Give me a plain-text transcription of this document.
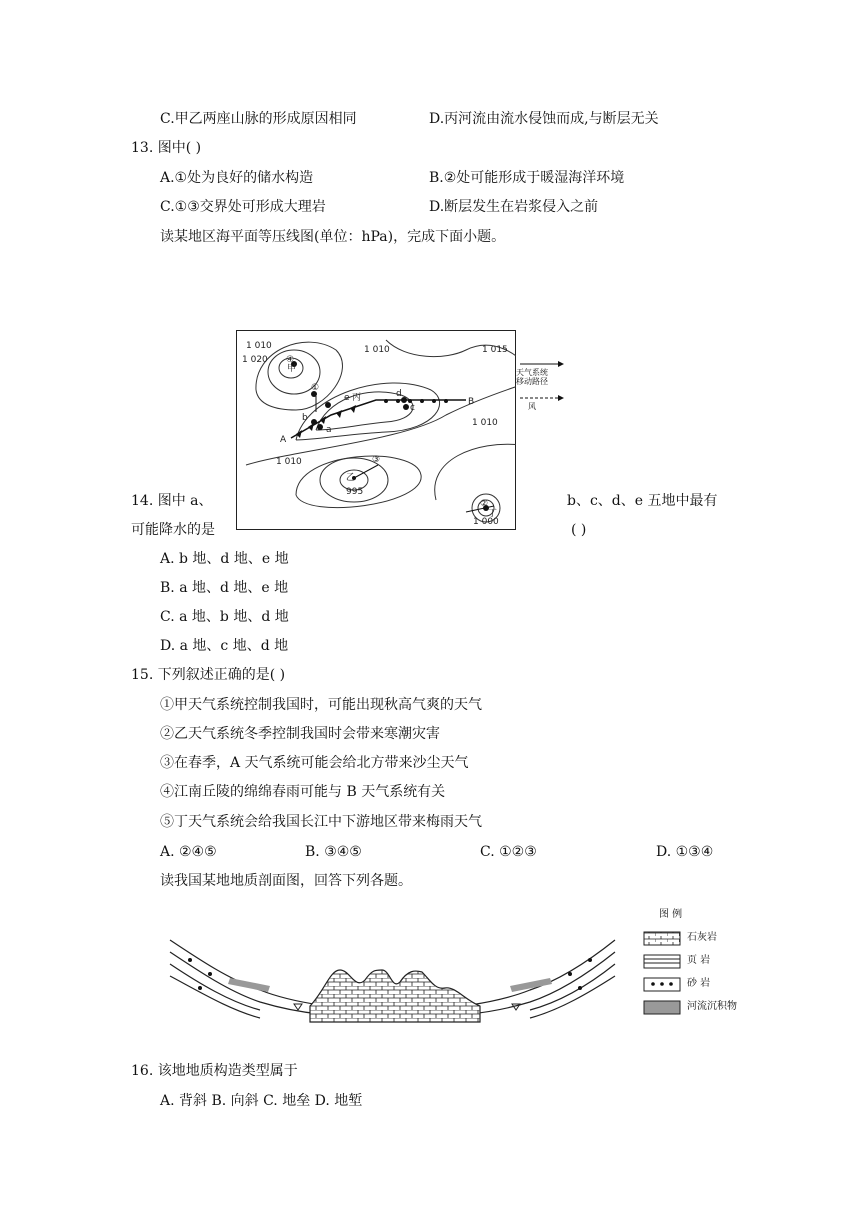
C.甲乙两座山脉的形成原因相同	D.丙河流由流水侵蚀而成,与断层无关
13. 图中( )
A.①处为良好的储水构造	B.②处可能形成于暖湿海洋环境
C.①③交界处可形成大理岩	D.断层发生在岩浆侵入之前
读某地区海平面等压线图(单位：hPa)，完成下面小题。
1 020
1 010	1 015
1 010
1 010
995
1 000
1 010
甲
④
①
b
a
e 丙	d
c
A
B
乙
③
②
丁
天气系统移动路径
风
14. 图中 a、	b、c、d、e 五地中最有
可能降水的是	( )
A. b 地、d 地、e 地
B. a 地、d 地、e 地
C. a 地、b 地、d 地
D. a 地、c 地、d 地
15. 下列叙述正确的是( )
①甲天气系统控制我国时，可能出现秋高气爽的天气
②乙天气系统冬季控制我国时会带来寒潮灾害
③在春季，A 天气系统可能会给北方带来沙尘天气
④江南丘陵的绵绵春雨可能与 B 天气系统有关
⑤丁天气系统会给我国长江中下游地区带来梅雨天气
A. ②④⑤	B. ③④⑤	C. ①②③	D. ①③④
读我国某地地质剖面图，回答下列各题。
图 例
石灰岩
页 岩
砂 岩
河流沉积物
16. 该地地质构造类型属于
A. 背斜 B. 向斜 C. 地垒 D. 地堑
